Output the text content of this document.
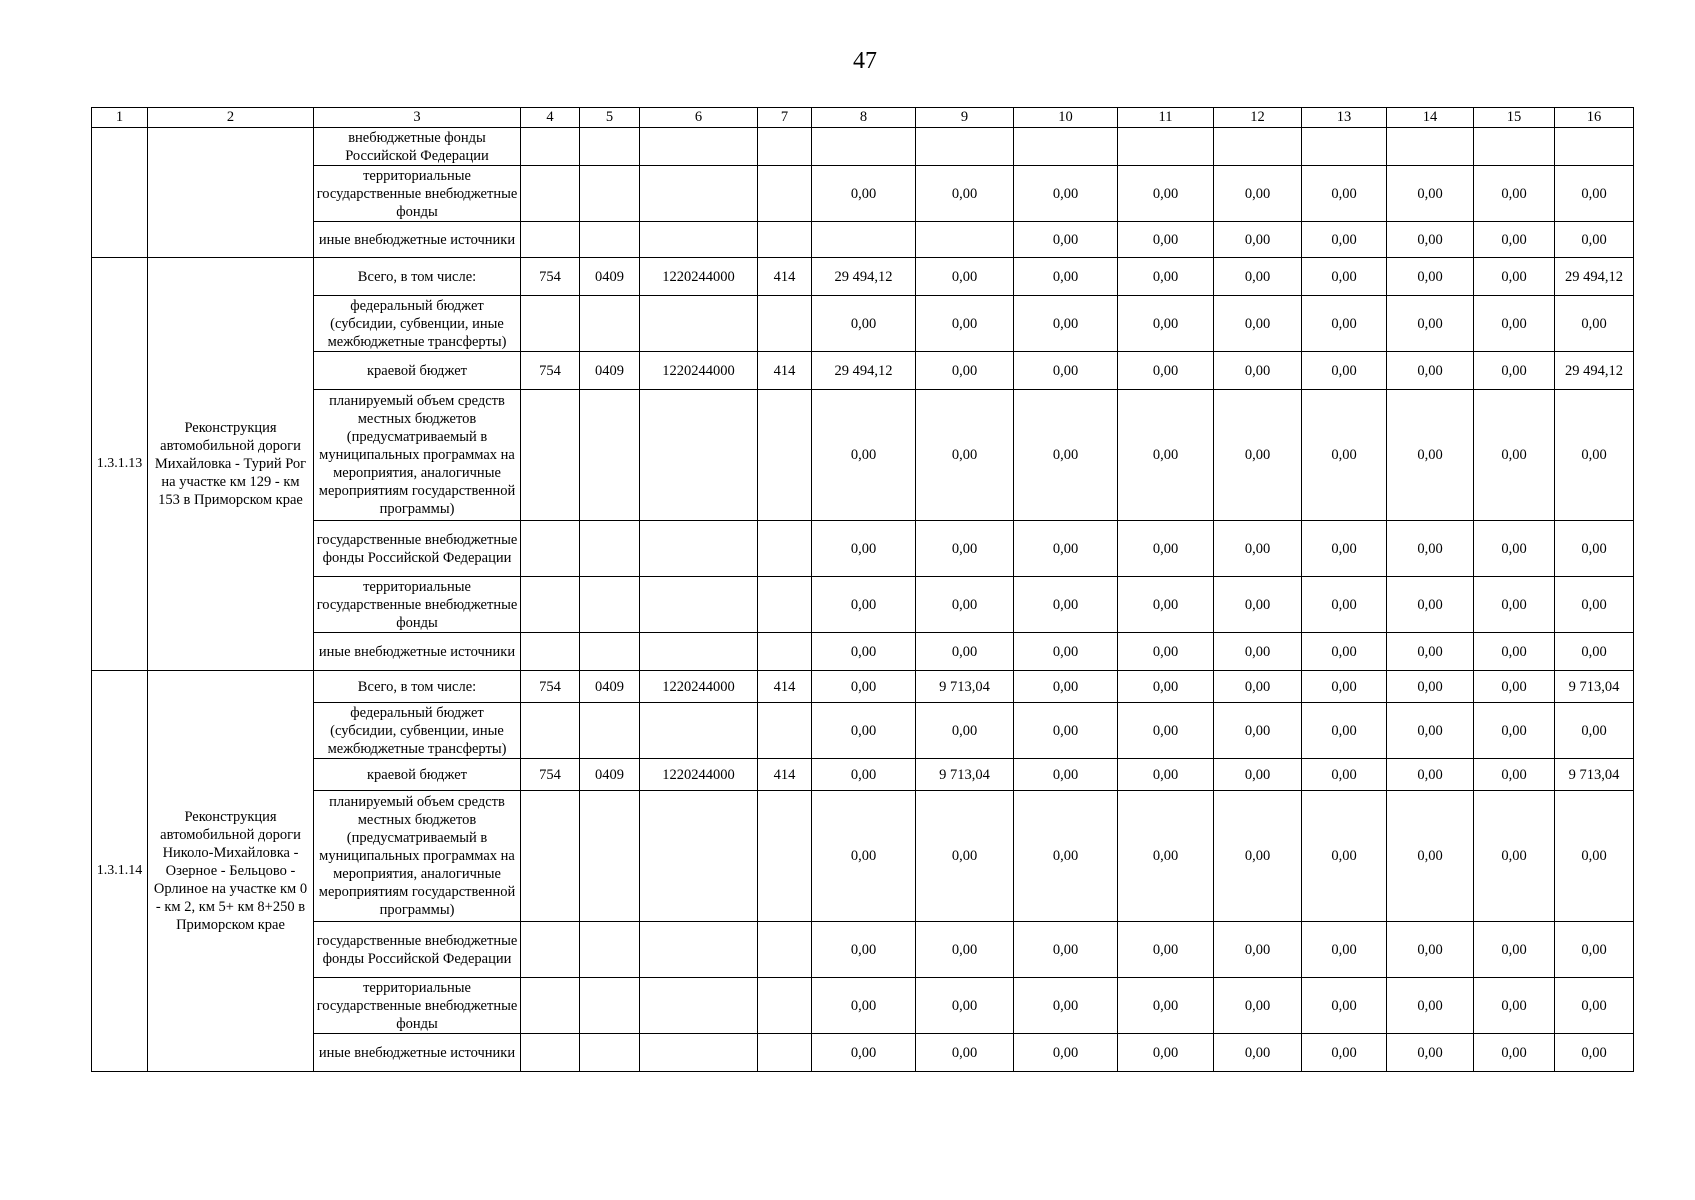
47
1	2	3	4	5	6	7	8	9	10	11	12	13	14	15	16
		внебюджетные фонды Российской Федерации													
		территориальные государственные внебюджетные фонды					0,00	0,00	0,00	0,00	0,00	0,00	0,00	0,00	0,00
		иные внебюджетные источники							0,00	0,00	0,00	0,00	0,00	0,00	0,00
1.3.1.13	Реконструкция автомобильной дороги Михайловка - Турий Рог на участке км 129 - км 153 в Приморском крае	Всего, в том числе:	754	0409	1220244000	414	29 494,12	0,00	0,00	0,00	0,00	0,00	0,00	0,00	29 494,12
		федеральный бюджет (субсидии, субвенции, иные межбюджетные трансферты)					0,00	0,00	0,00	0,00	0,00	0,00	0,00	0,00	0,00
		краевой бюджет	754	0409	1220244000	414	29 494,12	0,00	0,00	0,00	0,00	0,00	0,00	0,00	29 494,12
		планируемый объем средств местных бюджетов (предусматриваемый в муниципальных программах на мероприятия, аналогичные мероприятиям государственной программы)					0,00	0,00	0,00	0,00	0,00	0,00	0,00	0,00	0,00
		государственные внебюджетные фонды Российской Федерации					0,00	0,00	0,00	0,00	0,00	0,00	0,00	0,00	0,00
		территориальные государственные внебюджетные фонды					0,00	0,00	0,00	0,00	0,00	0,00	0,00	0,00	0,00
		иные внебюджетные источники					0,00	0,00	0,00	0,00	0,00	0,00	0,00	0,00	0,00
1.3.1.14	Реконструкция автомобильной дороги Николо-Михайловка - Озерное - Бельцово - Орлиное на участке км 0 - км 2, км 5+ км 8+250 в Приморском крае	Всего, в том числе:	754	0409	1220244000	414	0,00	9 713,04	0,00	0,00	0,00	0,00	0,00	0,00	9 713,04
		федеральный бюджет (субсидии, субвенции, иные межбюджетные трансферты)					0,00	0,00	0,00	0,00	0,00	0,00	0,00	0,00	0,00
		краевой бюджет	754	0409	1220244000	414	0,00	9 713,04	0,00	0,00	0,00	0,00	0,00	0,00	9 713,04
		планируемый объем средств местных бюджетов (предусматриваемый в муниципальных программах на мероприятия, аналогичные мероприятиям государственной программы)					0,00	0,00	0,00	0,00	0,00	0,00	0,00	0,00	0,00
		государственные внебюджетные фонды Российской Федерации					0,00	0,00	0,00	0,00	0,00	0,00	0,00	0,00	0,00
		территориальные государственные внебюджетные фонды					0,00	0,00	0,00	0,00	0,00	0,00	0,00	0,00	0,00
		иные внебюджетные источники					0,00	0,00	0,00	0,00	0,00	0,00	0,00	0,00	0,00
